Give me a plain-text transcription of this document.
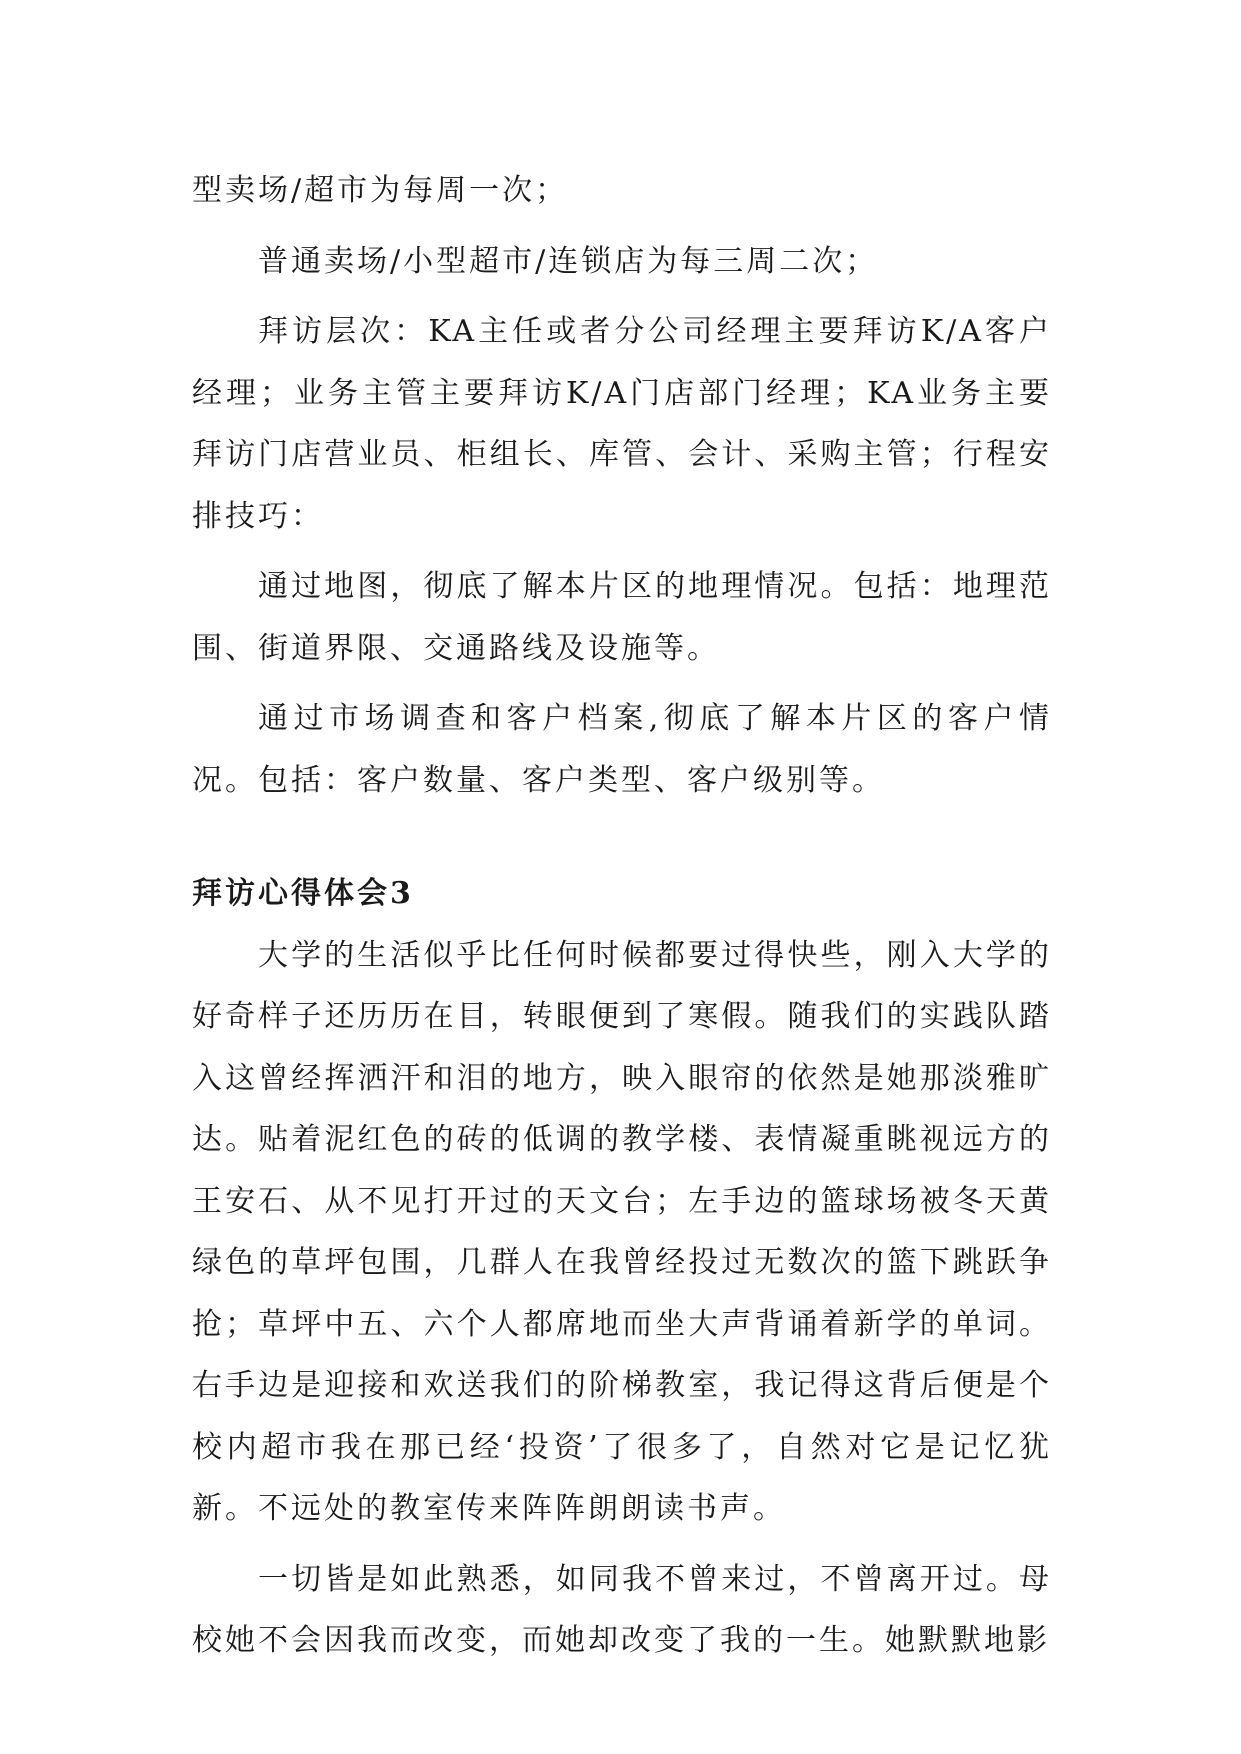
型卖场/超市为每周一次；

普通卖场/小型超市/连锁店为每三周二次；

拜访层次：KA主任或者分公司经理主要拜访K/A客户经理；业务主管主要拜访K/A门店部门经理；KA业务主要拜访门店营业员、柜组长、库管、会计、采购主管；行程安排技巧：

通过地图，彻底了解本片区的地理情况。包括：地理范围、街道界限、交通路线及设施等。

通过市场调查和客户档案,彻底了解本片区的客户情况。包括：客户数量、客户类型、客户级别等。

拜访心得体会3

大学的生活似乎比任何时候都要过得快些，刚入大学的好奇样子还历历在目，转眼便到了寒假。随我们的实践队踏入这曾经挥洒汗和泪的地方，映入眼帘的依然是她那淡雅旷达。贴着泥红色的砖的低调的教学楼、表情凝重眺视远方的王安石、从不见打开过的天文台；左手边的篮球场被冬天黄绿色的草坪包围，几群人在我曾经投过无数次的篮下跳跃争抢；草坪中五、六个人都席地而坐大声背诵着新学的单词。右手边是迎接和欢送我们的阶梯教室，我记得这背后便是个校内超市我在那已经‘投资’了很多了，自然对它是记忆犹新。不远处的教室传来阵阵朗朗读书声。

一切皆是如此熟悉，如同我不曾来过，不曾离开过。母校她不会因我而改变，而她却改变了我的一生。她默默地影
